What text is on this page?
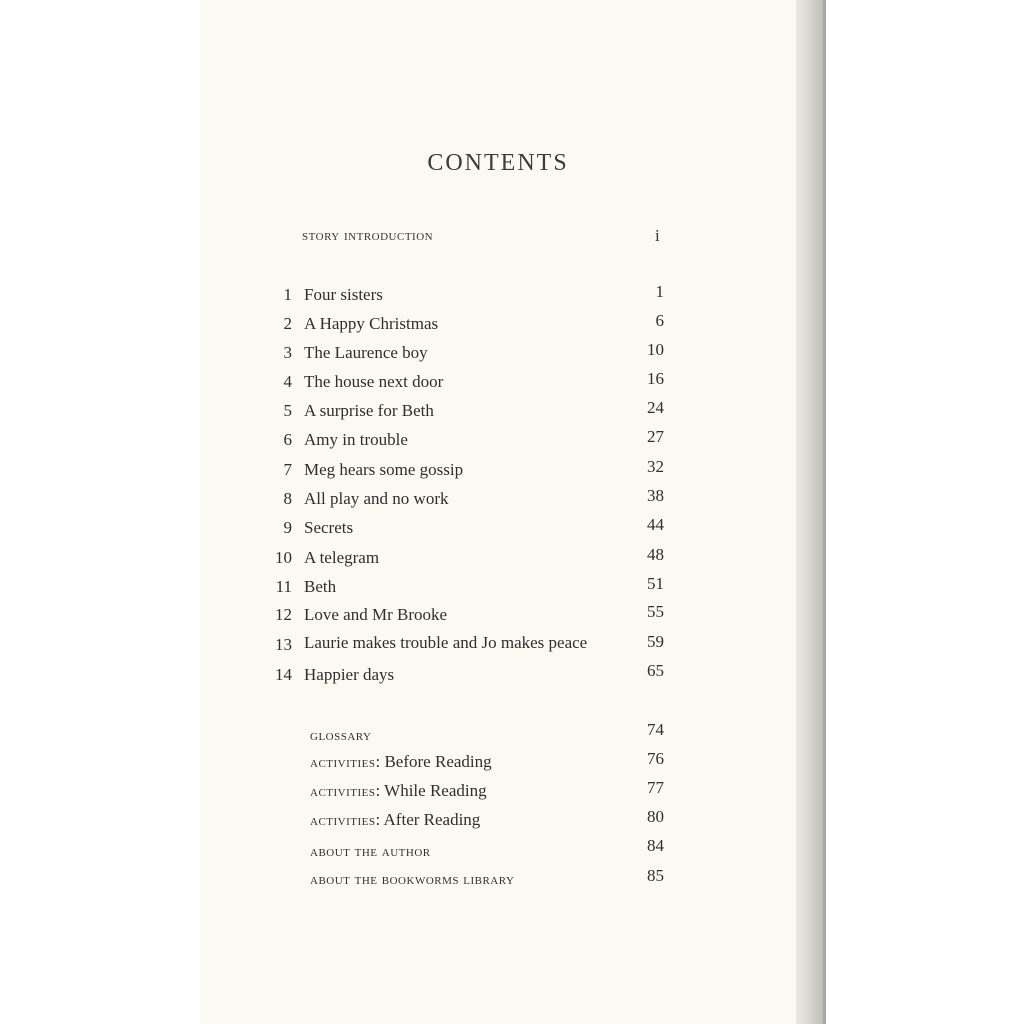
CONTENTS
story introduction	i
1 Four sisters	1
2 A Happy Christmas	6
3 The Laurence boy	10
4 The house next door	16
5 A surprise for Beth	24
6 Amy in trouble	27
7 Meg hears some gossip	32
8 All play and no work	38
9 Secrets	44
10 A telegram	48
11 Beth	51
12 Love and Mr Brooke	55
13 Laurie makes trouble and Jo makes peace	59
14 Happier days	65
glossary	74
activities: Before Reading	76
activities: While Reading	77
activities: After Reading	80
about the author	84
about the bookworms library	85
